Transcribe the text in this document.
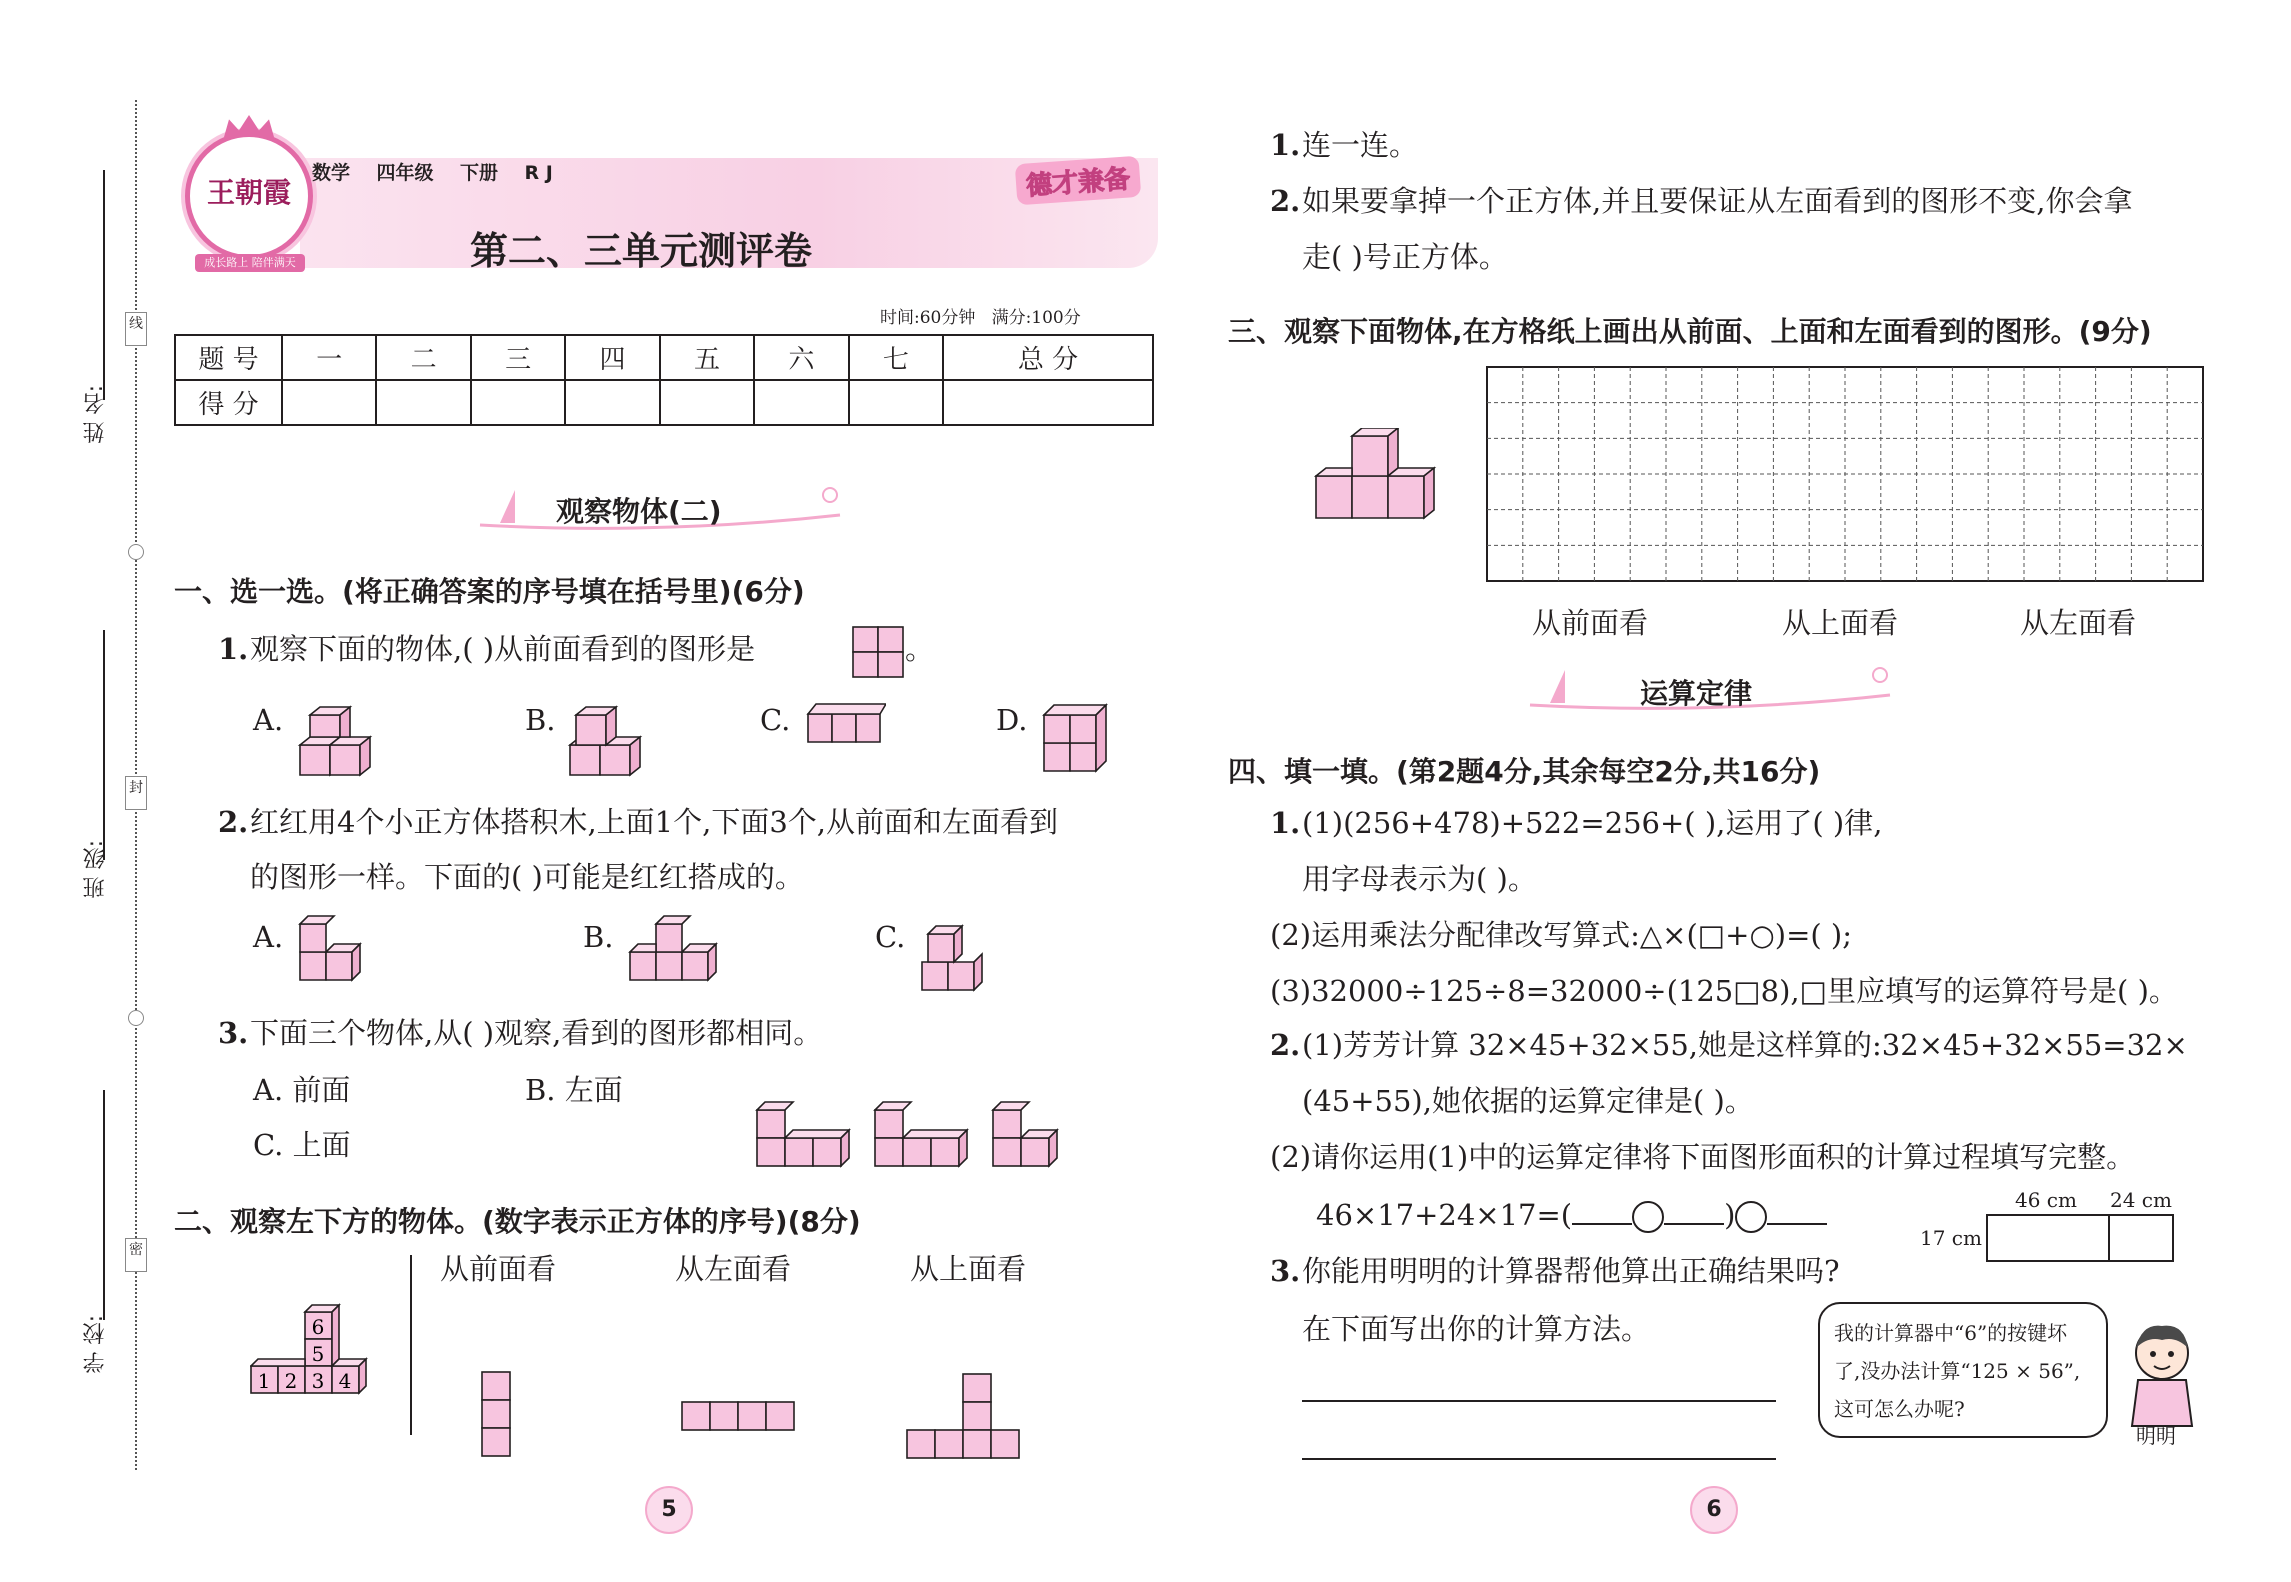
姓 名:
班 级:
学 校:
线
封
密
王朝霞
成长路上 陪伴满天
数学 四年级 下册 R J	德才兼备
第二、三单元测评卷
时间:60分钟 满分:100分
题 号	一	二	三	四	五	六	七	总 分
得 分								
观察物体(二)
一、选一选。(将正确答案的序号填在括号里)(6分)
1. 观察下面的物体,( )从前面看到的图形是	。
A.	B.	C.	D.
2. 红红用4个小正方体搭积木,上面1个,下面3个,从前面和左面看到
的图形一样。下面的( )可能是红红搭成的。
A.	B.	C.
3. 下面三个物体,从( )观察,看到的图形都相同。
A. 前面	B. 左面
C. 上面
二、观察左下方的物体。(数字表示正方体的序号)(8分)
6
5
1 2 3 4
从前面看	从左面看	从上面看
5
1. 连一连。
2. 如果要拿掉一个正方体,并且要保证从左面看到的图形不变,你会拿
走( )号正方体。
三、观察下面物体,在方格纸上画出从前面、上面和左面看到的图形。(9分)
从前面看	从上面看	从左面看
运算定律
四、填一填。(第2题4分,其余每空2分,共16分)
1. (1)(256+478)+522=256+( ),运用了( )律,
用字母表示为( )。
(2)运用乘法分配律改写算式:△×(□+○)=( );
(3)32000÷125÷8=32000÷(125□8),□里应填写的运算符号是( )。
2. (1)芳芳计算 32×45+32×55,她是这样算的:32×45+32×55=32×
(45+55),她依据的运算定律是( )。
(2)请你运用(1)中的运算定律将下面图形面积的计算过程填写完整。
46×17+24×17=(	)	46 cm 24 cm
17 cm
3. 你能用明明的计算器帮他算出正确结果吗?
在下面写出你的计算方法。	我的计算器中“6”的按键坏了,没办法计算“125 × 56”,这可怎么办呢?
明明
6
